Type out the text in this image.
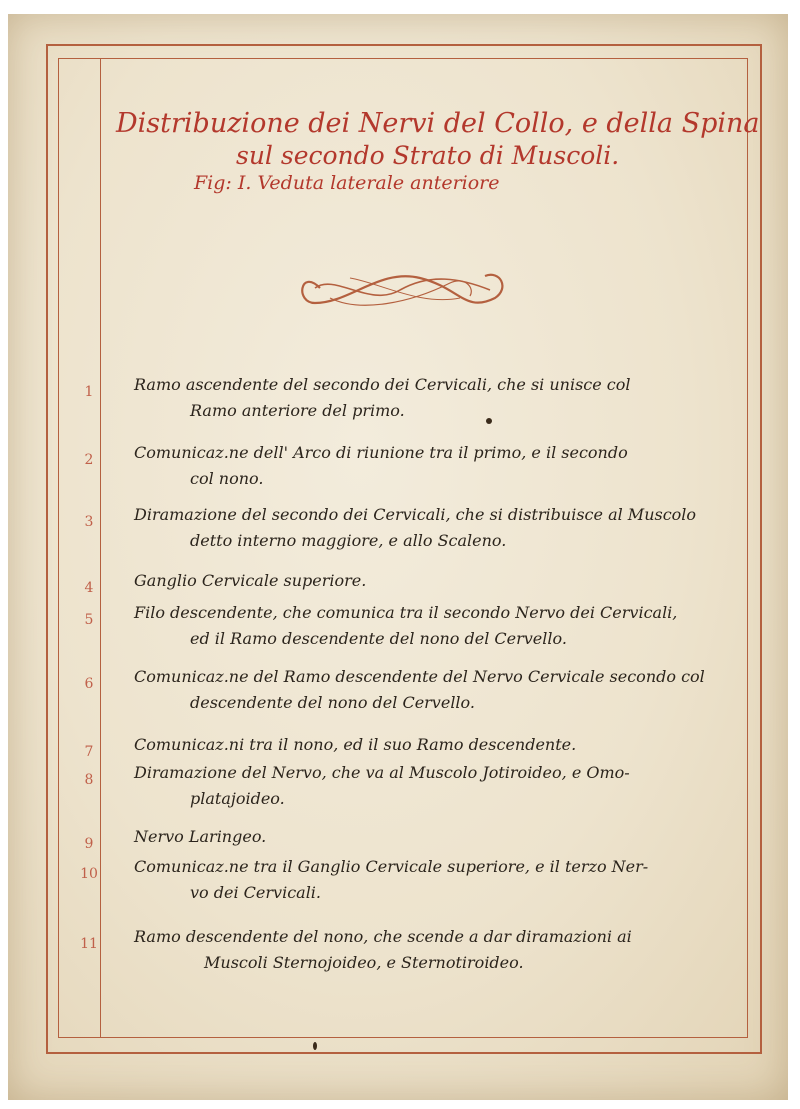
Distribuzione dei Nervi del Collo, e della Spina
sul secondo Strato di Muscoli.
Fig: I. Veduta laterale anteriore
1	Ramo ascendente del secondo dei Cervicali, che si unisce col
Ramo anteriore del primo.
2	Comunicaz.ne dell' Arco di riunione tra il primo, e il secondo
col nono.
3	Diramazione del secondo dei Cervicali, che si distribuisce al Muscolo
detto interno maggiore, e allo Scaleno.
4	Ganglio Cervicale superiore.
5	Filo descendente, che comunica tra il secondo Nervo dei Cervicali,
ed il Ramo descendente del nono del Cervello.
6	Comunicaz.ne del Ramo descendente del Nervo Cervicale secondo col
descendente del nono del Cervello.
7	Comunicaz.ni tra il nono, ed il suo Ramo descendente.
8	Diramazione del Nervo, che va al Muscolo Jotiroideo, e Omo-
platajoideo.
9	Nervo Laringeo.
10	Comunicaz.ne tra il Ganglio Cervicale superiore, e il terzo Ner-
vo dei Cervicali.
11	Ramo descendente del nono, che scende a dar diramazioni ai
Muscoli Sternojoideo, e Sternotiroideo.
